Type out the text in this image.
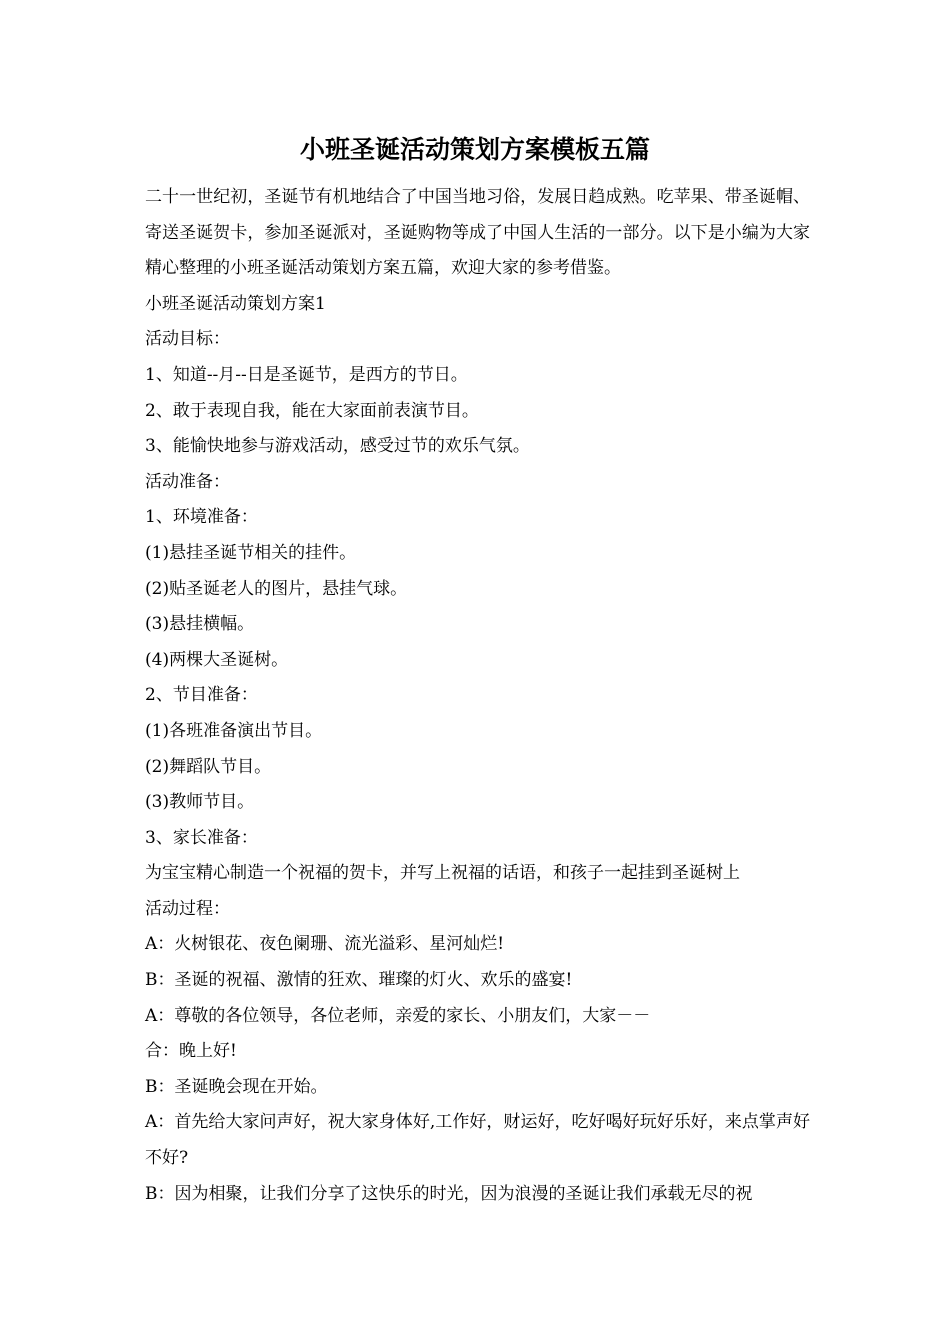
小班圣诞活动策划方案模板五篇

二十一世纪初，圣诞节有机地结合了中国当地习俗，发展日趋成熟。吃苹果、带圣诞帽、寄送圣诞贺卡，参加圣诞派对，圣诞购物等成了中国人生活的一部分。以下是小编为大家精心整理的小班圣诞活动策划方案五篇，欢迎大家的参考借鉴。

小班圣诞活动策划方案1

活动目标：

1、知道--月--日是圣诞节，是西方的节日。

2、敢于表现自我，能在大家面前表演节目。

3、能愉快地参与游戏活动，感受过节的欢乐气氛。

活动准备：

1、环境准备：

(1)悬挂圣诞节相关的挂件。

(2)贴圣诞老人的图片，悬挂气球。

(3)悬挂横幅。

(4)两棵大圣诞树。

2、节目准备：

(1)各班准备演出节目。

(2)舞蹈队节目。

(3)教师节目。

3、家长准备：

为宝宝精心制造一个祝福的贺卡，并写上祝福的话语，和孩子一起挂到圣诞树上

活动过程：

A：火树银花、夜色阑珊、流光溢彩、星河灿烂!

B：圣诞的祝福、激情的狂欢、璀璨的灯火、欢乐的盛宴!

A：尊敬的各位领导，各位老师，亲爱的家长、小朋友们，大家－－

合：晚上好!

B：圣诞晚会现在开始。

A：首先给大家问声好，祝大家身体好,工作好，财运好，吃好喝好玩好乐好，来点掌声好不好?

B：因为相聚，让我们分享了这快乐的时光，因为浪漫的圣诞让我们承载无尽的祝
